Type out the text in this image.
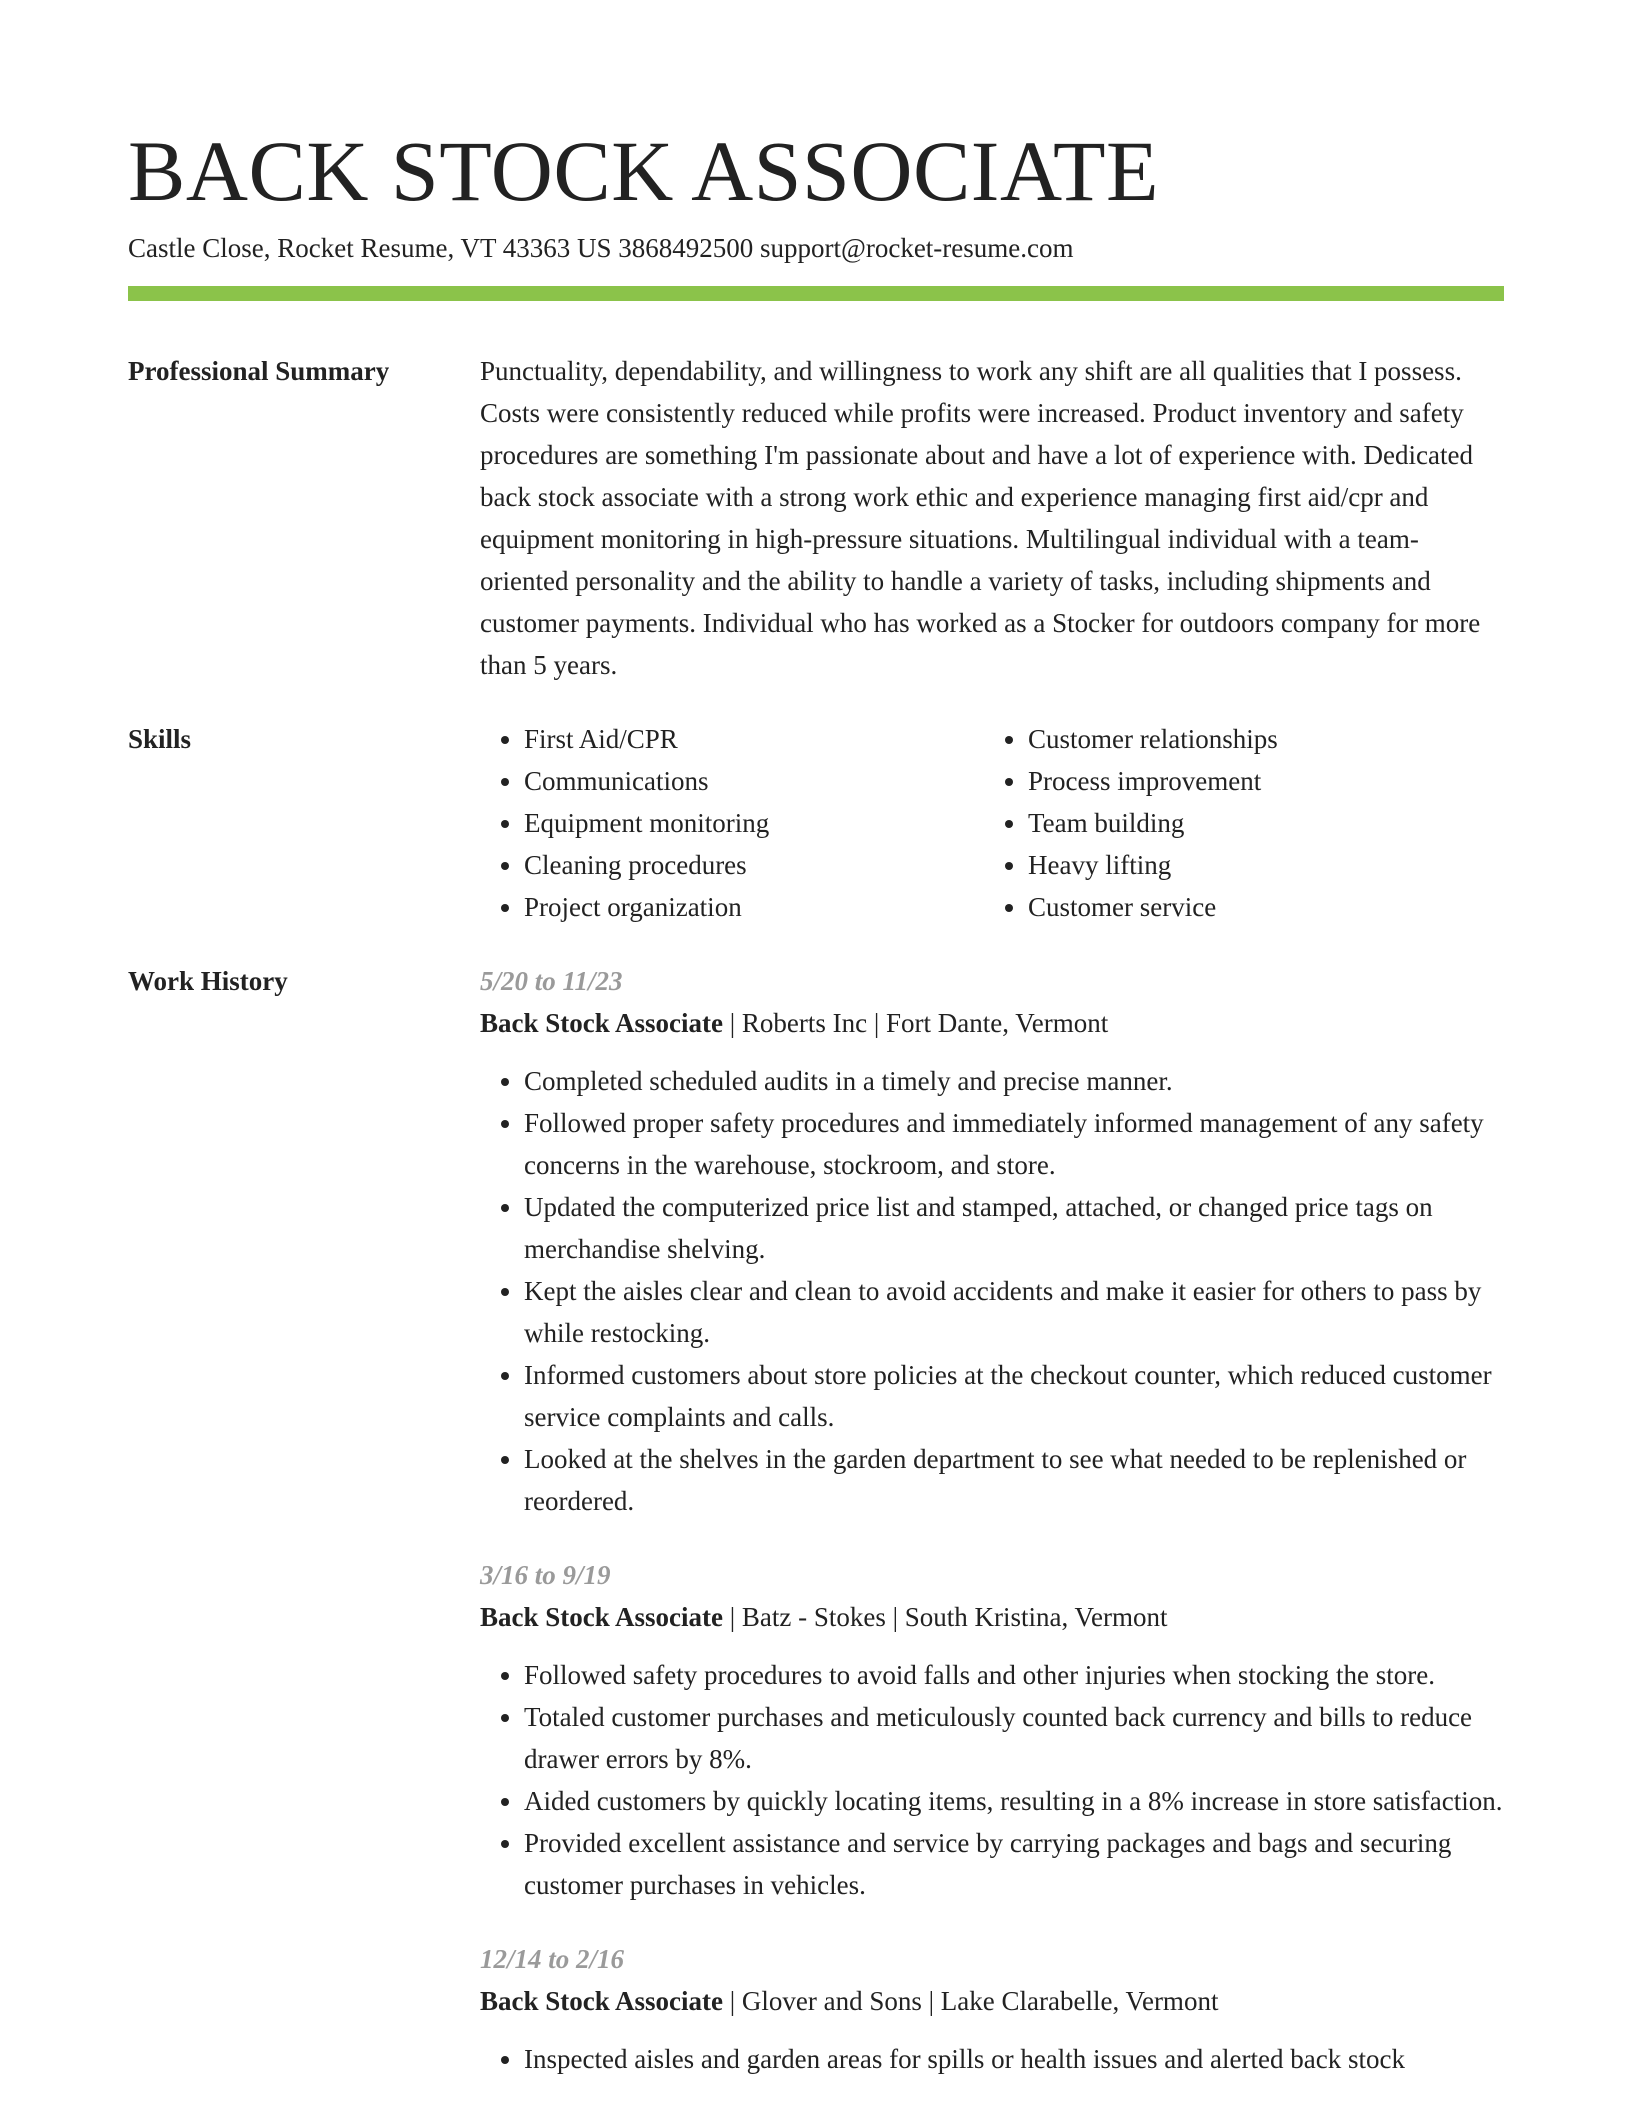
BACK STOCK ASSOCIATE
Castle Close, Rocket Resume, VT 43363 US 3868492500 support@rocket-resume.com
Professional Summary	Punctuality, dependability, and willingness to work any shift are all qualities that I possess. Costs were consistently reduced while profits were increased. Product inventory and safety procedures are something I'm passionate about and have a lot of experience with. Dedicated back stock associate with a strong work ethic and experience managing first aid/cpr and equipment monitoring in high-pressure situations. Multilingual individual with a team-oriented personality and the ability to handle a variety of tasks, including shipments and customer payments. Individual who has worked as a Stocker for outdoors company for more than 5 years.

Skills
•	First Aid/CPR
• Communications
• Equipment monitoring
• Cleaning procedures
• Project organization
• Customer relationships
• Process improvement
• Team building
• Heavy lifting
• Customer service
Work History	5/20 to 11/23
Back Stock Associate | Roberts Inc | Fort Dante, Vermont
• Completed scheduled audits in a timely and precise manner.
• Followed proper safety procedures and immediately informed management of any safety concerns in the warehouse, stockroom, and store.
• Updated the computerized price list and stamped, attached, or changed price tags on merchandise shelving.
• Kept the aisles clear and clean to avoid accidents and make it easier for others to pass by while restocking.
• Informed customers about store policies at the checkout counter, which reduced customer service complaints and calls.
• Looked at the shelves in the garden department to see what needed to be replenished or reordered.
3/16 to 9/19
Back Stock Associate | Batz - Stokes | South Kristina, Vermont
• Followed safety procedures to avoid falls and other injuries when stocking the store.
• Totaled customer purchases and meticulously counted back currency and bills to reduce drawer errors by 8%.
• Aided customers by quickly locating items, resulting in a 8% increase in store satisfaction.
• Provided excellent assistance and service by carrying packages and bags and securing customer purchases in vehicles.
12/14 to 2/16
Back Stock Associate | Glover and Sons | Lake Clarabelle, Vermont
• Inspected aisles and garden areas for spills or health issues and alerted back stock
